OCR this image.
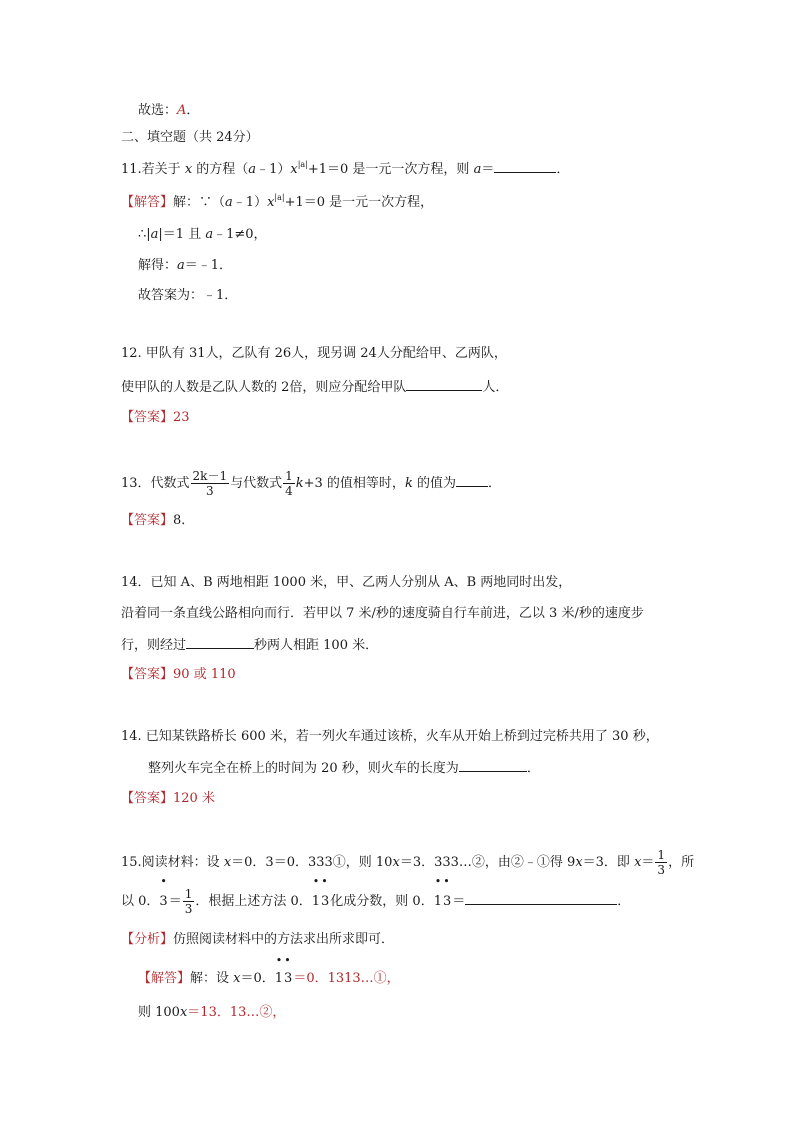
故选：A．
二、填空题（共 24分）
11.若关于 x 的方程$(a﹣1)x^{|a|}+1=0$ 是一元一次方程，则 a＝	．
【解答】解：$\because(a﹣1)x^{|a|}+1=0$ 是一元一次方程，
∴|a|＝1 且 a﹣1≠0，
解得：a＝﹣1．
故答案为：﹣1．
12. 甲队有 31人，乙队有 26人，现另调 24人分配给甲、乙两队，
使甲队的人数是乙队人数的 2倍，则应分配给甲队	人．
【答案】23
13．代数式 $\frac{2k-1}{3}$ 与代数式 $\frac{1}{4} k+3$ 的值相等时，k 的值为 ．
【答案】8．
14．已知 A、B 两地相距 1000 米，甲、乙两人分别从 A、B 两地同时出发，
沿着同一条直线公路相向而行．若甲以 7 米/秒的速度骑自行车前进，乙以 3 米/秒的速度步
行，则经过	秒两人相距 100 米．
【答案】90 或 110
14. 已知某铁路桥长 600 米，若一列火车通过该桥，火车从开始上桥到过完桥共用了 30 秒，
整列火车完全在桥上的时间为 20 秒，则火车的长度为	．
【答案】120 米
15.阅读材料：设 x＝0．3＝0．333①，则 10x＝3．333…②，由②﹣①得 9x＝3．即 $x= \frac{1}{3}$ ，所
以 0．
•
$3= \frac{1}{3}$ ．根据上述方法 0．
••
13化成分数，则 0．
••
13＝	．
【分析】仿照阅读材料中的方法求出所求即可．
【解答】解：设 x＝0．
••
13＝0．1313…①，
则 100x＝13．13…②，
